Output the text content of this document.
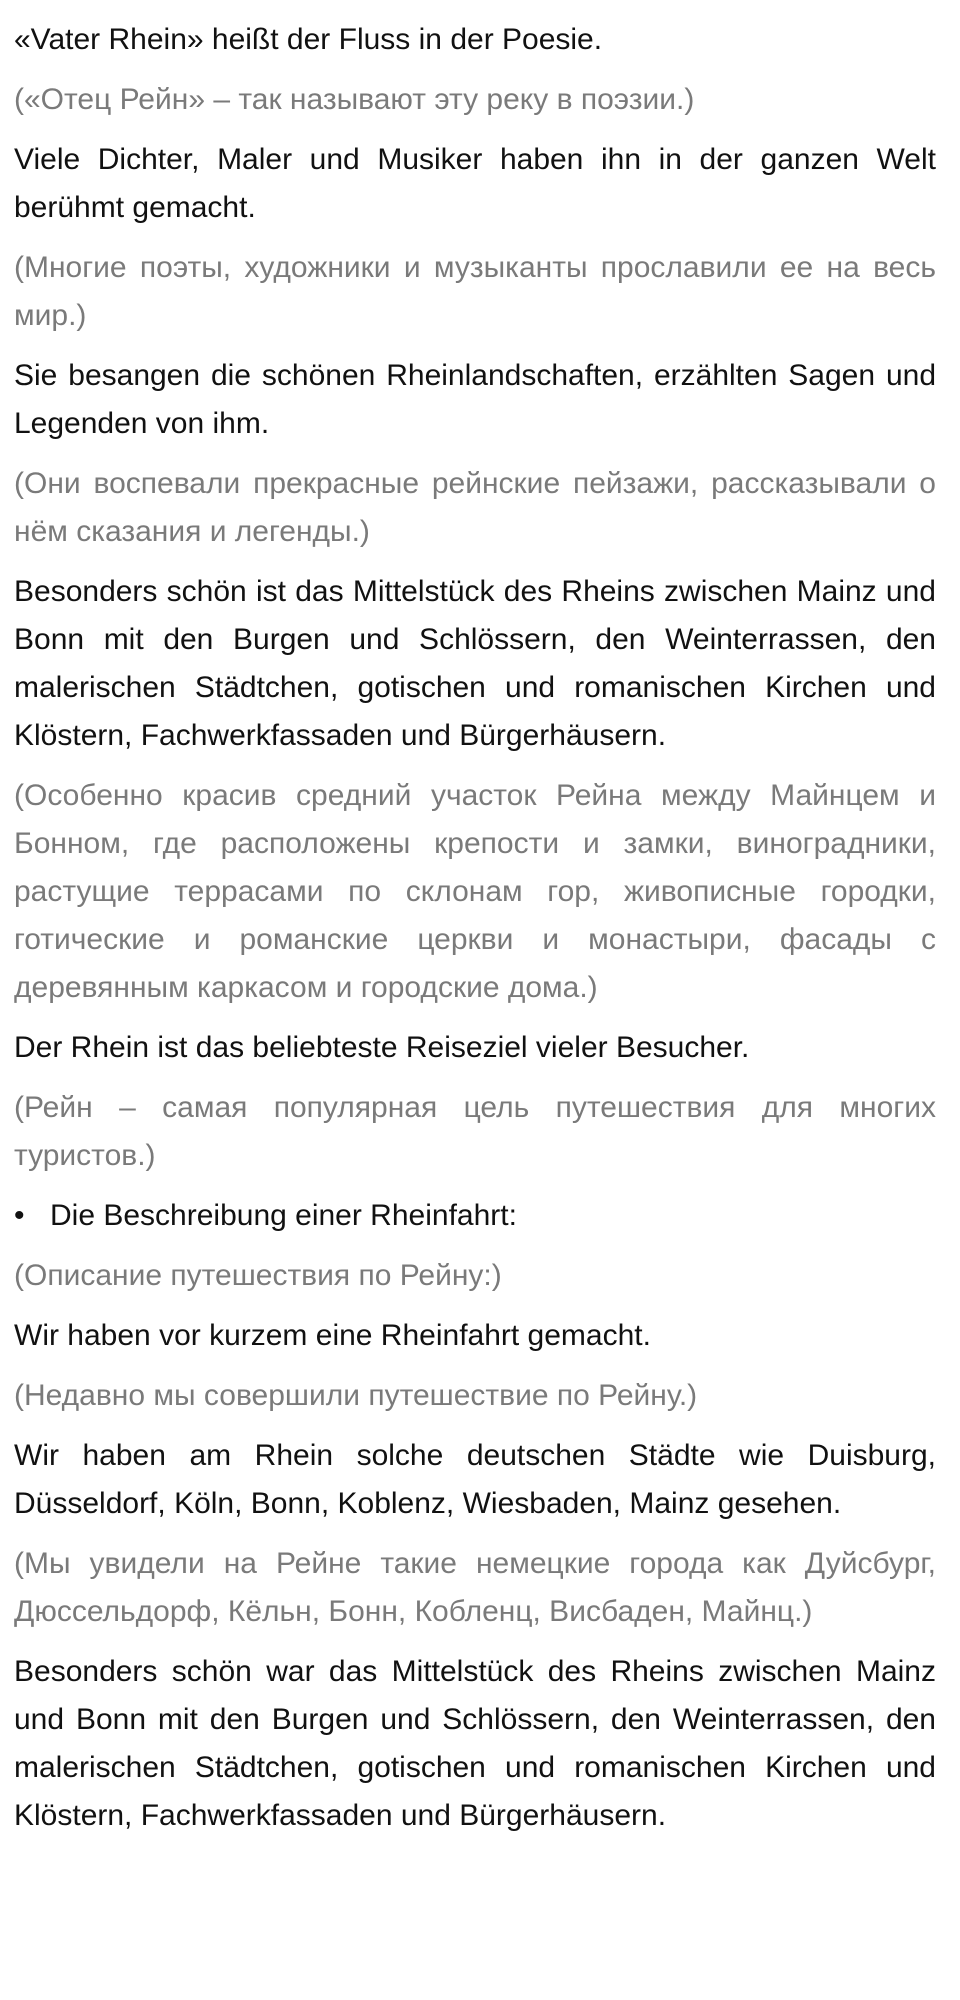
«Vater Rhein» heißt der Fluss in der Poesie.

(«Отец Рейн» – так называют эту реку в поэзии.)

Viele Dichter, Maler und Musiker haben ihn in der ganzen Welt berühmt gemacht.

(Многие поэты, художники и музыканты прославили ее на весь мир.)

Sie besangen die schönen Rheinlandschaften, erzählten Sagen und Legenden von ihm.

(Они воспевали прекрасные рейнские пейзажи, рассказывали о нём сказания и легенды.)

Besonders schön ist das Mittelstück des Rheins zwischen Mainz und Bonn mit den Burgen und Schlössern, den Weinterrassen, den malerischen Städtchen, gotischen und romanischen Kirchen und Klöstern, Fachwerkfassaden und Bürgerhäusern.

(Особенно красив средний участок Рейна между Майнцем и Бонном, где расположены крепости и замки, виноградники, растущие террасами по склонам гор, живописные городки, готические и романские церкви и монастыри, фасады с деревянным каркасом и городские дома.)

Der Rhein ist das beliebteste Reiseziel vieler Besucher.

(Рейн – самая популярная цель путешествия для многих туристов.)

• Die Beschreibung einer Rheinfahrt:

(Описание путешествия по Рейну:)

Wir haben vor kurzem eine Rheinfahrt gemacht.

(Недавно мы совершили путешествие по Рейну.)

Wir haben am Rhein solche deutschen Städte wie Duisburg, Düsseldorf, Köln, Bonn, Koblenz, Wiesbaden, Mainz gesehen.

(Мы увидели на Рейне такие немецкие города как Дуйсбург, Дюссельдорф, Кёльн, Бонн, Кобленц, Висбаден, Майнц.)

Besonders schön war das Mittelstück des Rheins zwischen Mainz und Bonn mit den Burgen und Schlössern, den Weinterrassen, den malerischen Städtchen, gotischen und romanischen Kirchen und Klöstern, Fachwerkfassaden und Bürgerhäusern.
